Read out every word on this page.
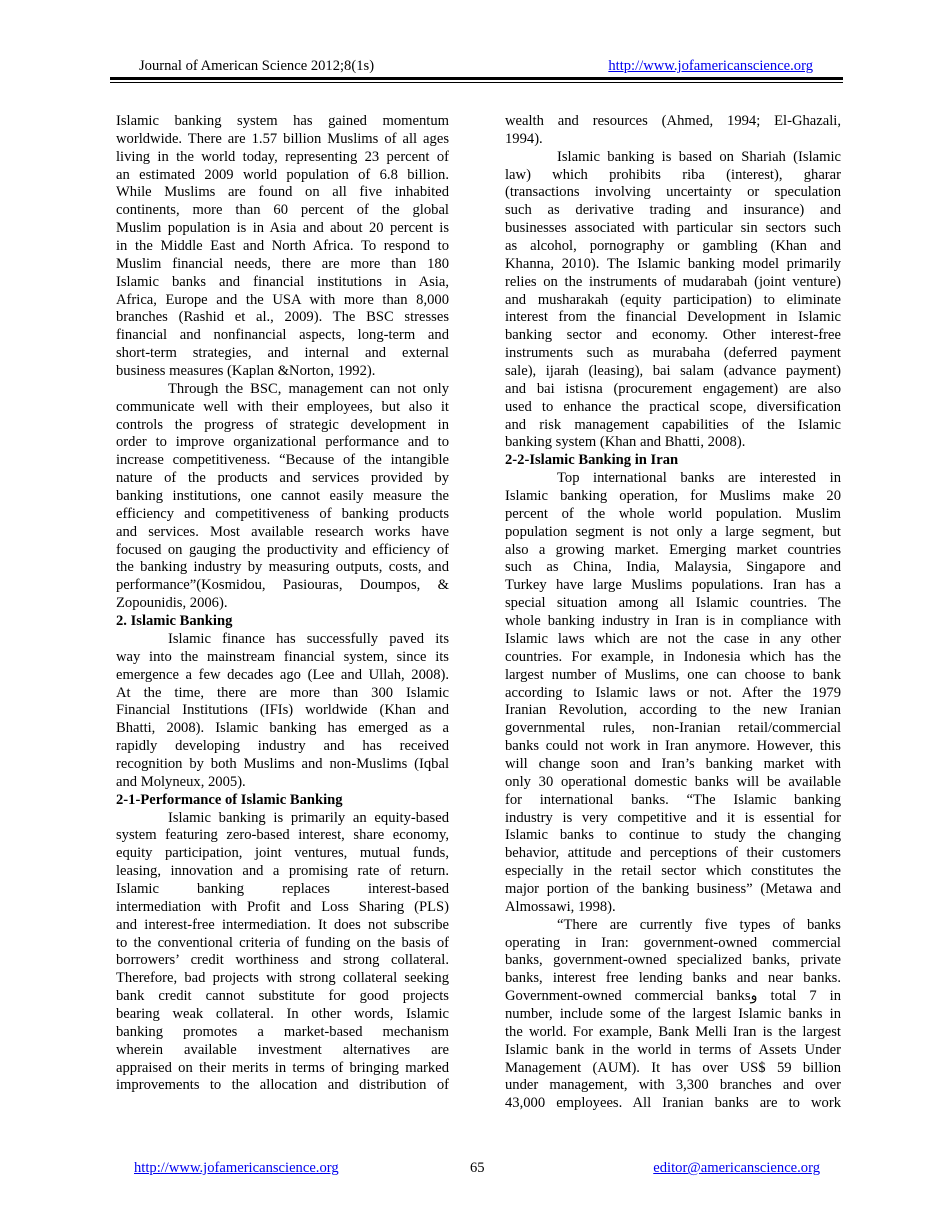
Journal of American Science 2012;8(1s)	http://www.jofamericanscience.org
Islamic banking system has gained momentum
worldwide. There are 1.57 billion Muslims of all ages
living in the world today, representing 23 percent of
an estimated 2009 world population of 6.8 billion.
While Muslims are found on all five inhabited
continents, more than 60 percent of the global
Muslim population is in Asia and about 20 percent is
in the Middle East and North Africa. To respond to
Muslim financial needs, there are more than 180
Islamic banks and financial institutions in Asia,
Africa, Europe and the USA with more than 8,000
branches (Rashid et al., 2009). The BSC stresses
financial and nonfinancial aspects, long-term and
short-term strategies, and internal and external
business measures (Kaplan &Norton, 1992).
Through the BSC, management can not only
communicate well with their employees, but also it
controls the progress of strategic development in
order to improve organizational performance and to
increase competitiveness. “Because of the intangible
nature of the products and services provided by
banking institutions, one cannot easily measure the
efficiency and competitiveness of banking products
and services. Most available research works have
focused on gauging the productivity and efficiency of
the banking industry by measuring outputs, costs, and
performance”(Kosmidou, Pasiouras, Doumpos, &
Zopounidis, 2006).
2. Islamic Banking
Islamic finance has successfully paved its
way into the mainstream financial system, since its
emergence a few decades ago (Lee and Ullah, 2008).
At the time, there are more than 300 Islamic
Financial Institutions (IFIs) worldwide (Khan and
Bhatti, 2008). Islamic banking has emerged as a
rapidly developing industry and has received
recognition by both Muslims and non-Muslims (Iqbal
and Molyneux, 2005).
2-1-Performance of Islamic Banking
Islamic banking is primarily an equity-based
system featuring zero-based interest, share economy,
equity participation, joint ventures, mutual funds,
leasing, innovation and a promising rate of return.
Islamic banking replaces interest-based
intermediation with Profit and Loss Sharing (PLS)
and interest-free intermediation. It does not subscribe
to the conventional criteria of funding on the basis of
borrowers’ credit worthiness and strong collateral.
Therefore, bad projects with strong collateral seeking
bank credit cannot substitute for good projects
bearing weak collateral. In other words, Islamic
banking promotes a market-based mechanism
wherein available investment alternatives are
appraised on their merits in terms of bringing marked
improvements to the allocation and distribution of
wealth and resources (Ahmed, 1994; El-Ghazali,
1994).
Islamic banking is based on Shariah (Islamic
law) which prohibits riba (interest), gharar
(transactions involving uncertainty or speculation
such as derivative trading and insurance) and
businesses associated with particular sin sectors such
as alcohol, pornography or gambling (Khan and
Khanna, 2010). The Islamic banking model primarily
relies on the instruments of mudarabah (joint venture)
and musharakah (equity participation) to eliminate
interest from the financial Development in Islamic
banking sector and economy. Other interest-free
instruments such as murabaha (deferred payment
sale), ijarah (leasing), bai salam (advance payment)
and bai istisna (procurement engagement) are also
used to enhance the practical scope, diversification
and risk management capabilities of the Islamic
banking system (Khan and Bhatti, 2008).
2-2-Islamic Banking in Iran
Top international banks are interested in
Islamic banking operation, for Muslims make 20
percent of the whole world population. Muslim
population segment is not only a large segment, but
also a growing market. Emerging market countries
such as China, India, Malaysia, Singapore and
Turkey have large Muslims populations. Iran has a
special situation among all Islamic countries. The
whole banking industry in Iran is in compliance with
Islamic laws which are not the case in any other
countries. For example, in Indonesia which has the
largest number of Muslims, one can choose to bank
according to Islamic laws or not. After the 1979
Iranian Revolution, according to the new Iranian
governmental rules, non-Iranian retail/commercial
banks could not work in Iran anymore. However, this
will change soon and Iran’s banking market with
only 30 operational domestic banks will be available
for international banks. “The Islamic banking
industry is very competitive and it is essential for
Islamic banks to continue to study the changing
behavior, attitude and perceptions of their customers
especially in the retail sector which constitutes the
major portion of the banking business” (Metawa and
Almossawi, 1998).
“There are currently five types of banks
operating in Iran: government-owned commercial
banks, government-owned specialized banks, private
banks, interest free lending banks and near banks.
Government-owned commercial banksو total 7 in
number, include some of the largest Islamic banks in
the world. For example, Bank Melli Iran is the largest
Islamic bank in the world in terms of Assets Under
Management (AUM). It has over US$ 59 billion
under management, with 3,300 branches and over
43,000 employees. All Iranian banks are to work
http://www.jofamericanscience.org	65	editor@americanscience.org
